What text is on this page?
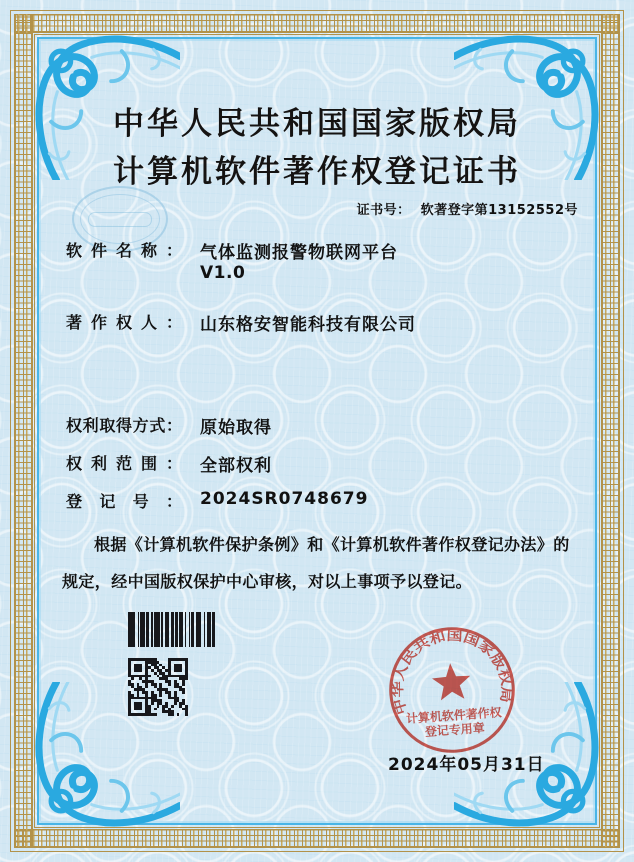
中华人民共和国国家版权局
计算机软件著作权登记证书
证书号： 软著登字第13152552号
软件名称： 气体监测报警物联网平台
V1.0
著作权人： 山东格安智能科技有限公司
权利取得方式： 原始取得
权利范围： 全部权利
登记号： 2024SR0748679
根据《计算机软件保护条例》和《计算机软件著作权登记办法》的规定，经中国版权保护中心审核，对以上事项予以登记。
中华人民共和国国家版权局
计算机软件著作权
登记专用章
2024年05月31日
